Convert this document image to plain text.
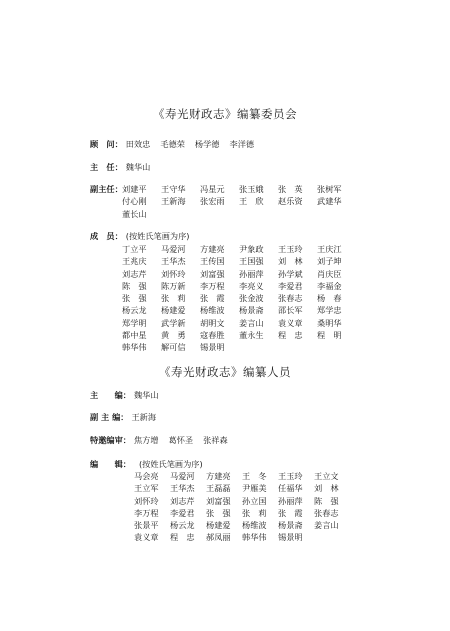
《寿光财政志》编纂委员会
顾　问： 田效忠 毛德荣 杨学德 李洋德
主　任： 魏华山
副主任： 刘建平 王守华 冯星元 张玉娥 张　英 张树军
付心刚 王新海 张宏雨 王　欣 赵乐资 武建华
董长山
成　员： (按姓氏笔画为序)
丁立平 马爱河 方建亮 尹象政 王玉玲 王庆江
王兆庆 王华杰 王传国 王国强 刘　林 刘子坤
刘志芹 刘怀玲 刘富强 孙丽萍 孙学斌 肖庆臣
陈　强 陈万新 李万程 李亮义 李爱君 李福金
张　强 张　莉 张　霞 张金波 张春志 杨　春
杨云龙 杨建爱 杨维波 杨景斋 邵长军 郑学忠
郑学明 武学新 胡明文 姜言山 袁义章 桑明华
都中星 黄　勇 寇春胜 董永生 程　忠 程　明
韩华伟 解可信 锡景明
《寿光财政志》编纂人员
主　　编： 魏华山
副 主 编： 王新海
特邀编审： 焦方增 葛怀圣 张祥森
编　　辑： (按姓氏笔画为序)
马会亮 马爱河 方建亮 王　冬 王玉玲 王立文
王立军 王华杰 王磊磊 尹雁美 任福华 刘　林
刘怀玲 刘志芹 刘富强 孙立国 孙丽萍 陈　强
李万程 李爱君 张　强 张　莉 张　霞 张春志
张景平 杨云龙 杨建爱 杨维波 杨景斋 姜言山
袁义章 程　忠 郝凤丽 韩华伟 锡景明
